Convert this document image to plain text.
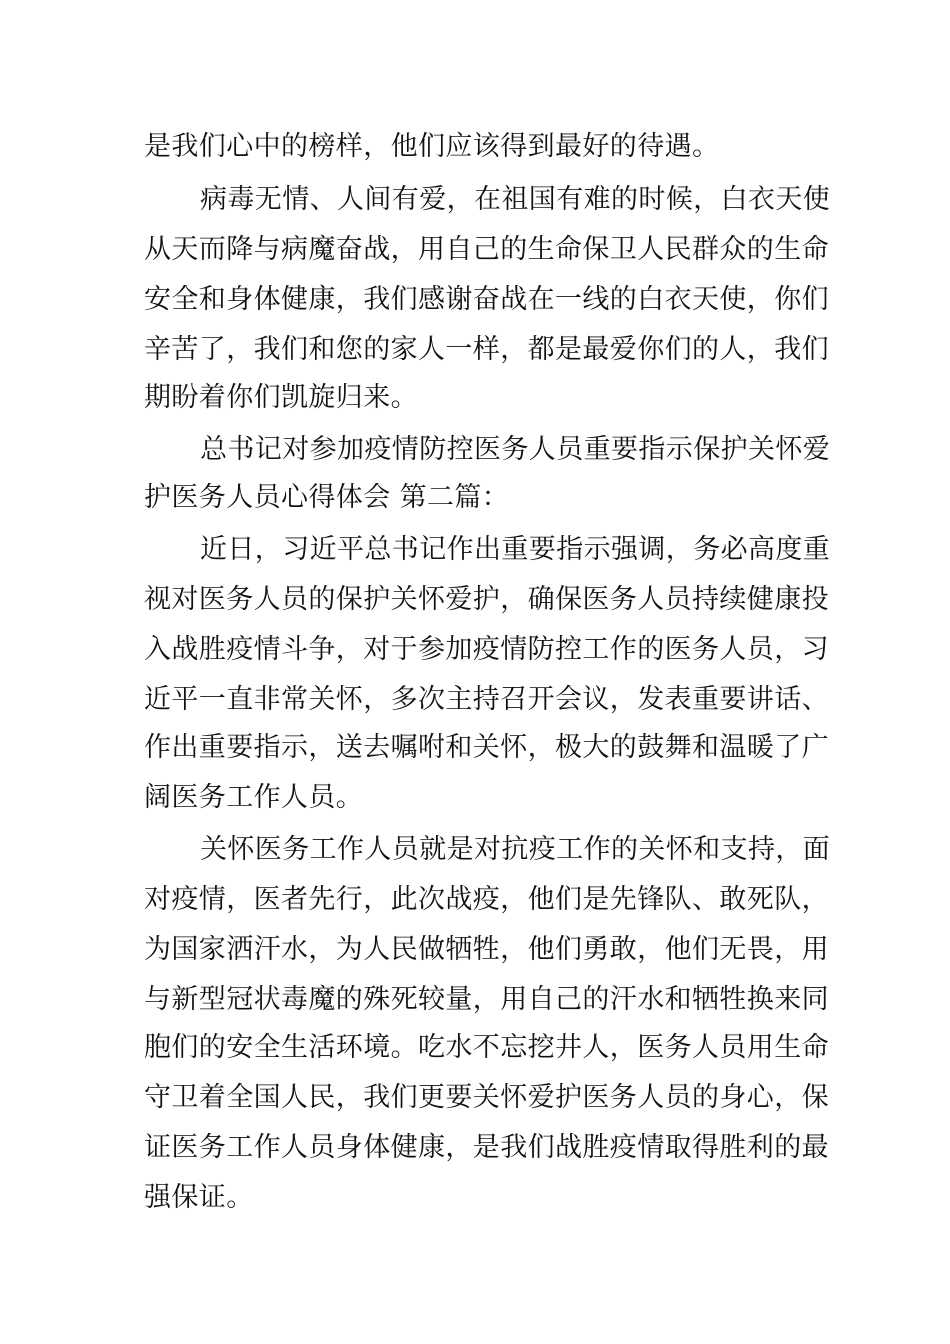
是我们心中的榜样，他们应该得到最好的待遇。
病毒无情、人间有爱，在祖国有难的时候，白衣天使
从天而降与病魔奋战，用自己的生命保卫人民群众的生命
安全和身体健康，我们感谢奋战在一线的白衣天使，你们
辛苦了，我们和您的家人一样，都是最爱你们的人，我们
期盼着你们凯旋归来。
总书记对参加疫情防控医务人员重要指示保护关怀爱
护医务人员心得体会 第二篇：
近日，习近平总书记作出重要指示强调，务必高度重
视对医务人员的保护关怀爱护，确保医务人员持续健康投
入战胜疫情斗争，对于参加疫情防控工作的医务人员，习
近平一直非常关怀，多次主持召开会议，发表重要讲话、
作出重要指示，送去嘱咐和关怀，极大的鼓舞和温暖了广
阔医务工作人员。
关怀医务工作人员就是对抗疫工作的关怀和支持，面
对疫情，医者先行，此次战疫，他们是先锋队、敢死队，
为国家洒汗水，为人民做牺牲，他们勇敢，他们无畏，用
与新型冠状毒魔的殊死较量，用自己的汗水和牺牲换来同
胞们的安全生活环境。吃水不忘挖井人，医务人员用生命
守卫着全国人民，我们更要关怀爱护医务人员的身心，保
证医务工作人员身体健康，是我们战胜疫情取得胜利的最
强保证。
